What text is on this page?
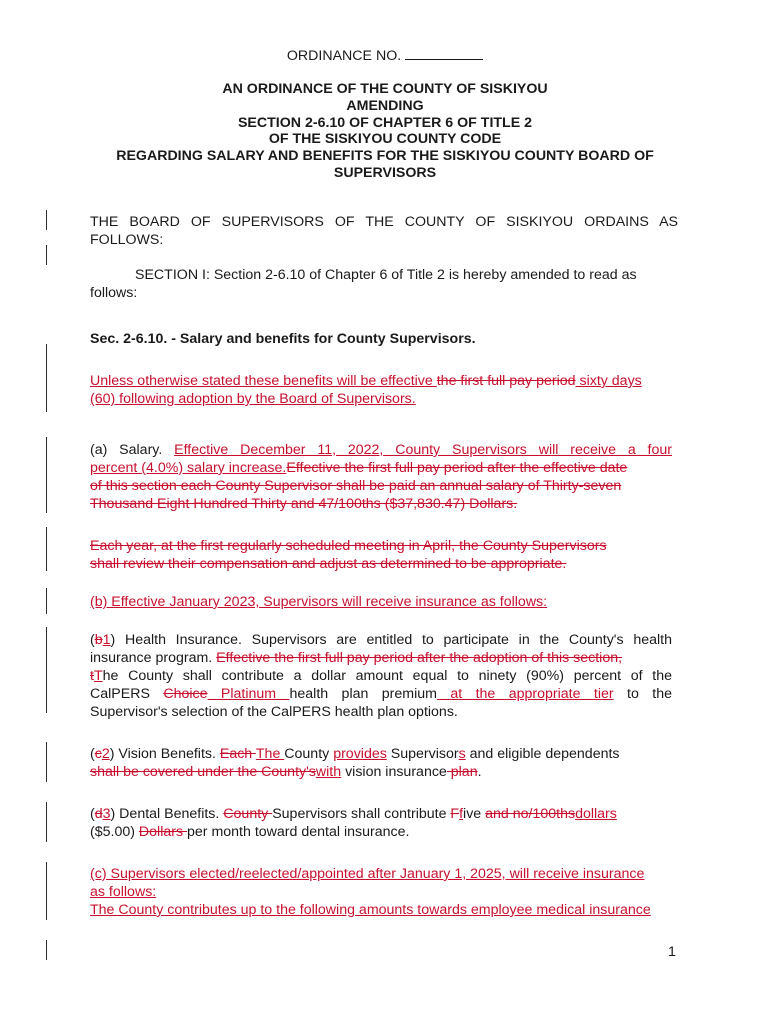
ORDINANCE NO.
AN ORDINANCE OF THE COUNTY OF SISKIYOU
AMENDING
SECTION 2-6.10 OF CHAPTER 6 OF TITLE 2
OF THE SISKIYOU COUNTY CODE
REGARDING SALARY AND BENEFITS FOR THE SISKIYOU COUNTY BOARD OF
SUPERVISORS
THE BOARD OF SUPERVISORS OF THE COUNTY OF SISKIYOU ORDAINS AS
FOLLOWS:
SECTION I: Section 2-6.10 of Chapter 6 of Title 2 is hereby amended to read as
follows:
Sec. 2-6.10. - Salary and benefits for County Supervisors.
Unless otherwise stated these benefits will be effective the first full pay period sixty days
(60) following adoption by the Board of Supervisors.
(a) Salary. Effective December 11, 2022, County Supervisors will receive a four
percent (4.0%) salary increase.Effective the first full pay period after the effective date
of this section each County Supervisor shall be paid an annual salary of Thirty-seven
Thousand Eight Hundred Thirty and 47/100ths ($37,830.47) Dollars.
Each year, at the first regularly scheduled meeting in April, the County Supervisors
shall review their compensation and adjust as determined to be appropriate.
(b) Effective January 2023, Supervisors will receive insurance as follows:
(b1) Health Insurance. Supervisors are entitled to participate in the County's health
insurance program. Effective the first full pay period after the adoption of this section,
tThe County shall contribute a dollar amount equal to ninety (90%) percent of the
CalPERS Choice Platinum health plan premium at the appropriate tier to the
Supervisor's selection of the CalPERS health plan options.
(c2) Vision Benefits. Each The County provides Supervisors and eligible dependents
shall be covered under the County'swith vision insurance plan.
(d3) Dental Benefits. County Supervisors shall contribute Ffive and no/100thsdollars
($5.00) Dollars per month toward dental insurance.
(c) Supervisors elected/reelected/appointed after January 1, 2025, will receive insurance
as follows:
The County contributes up to the following amounts towards employee medical insurance
1
